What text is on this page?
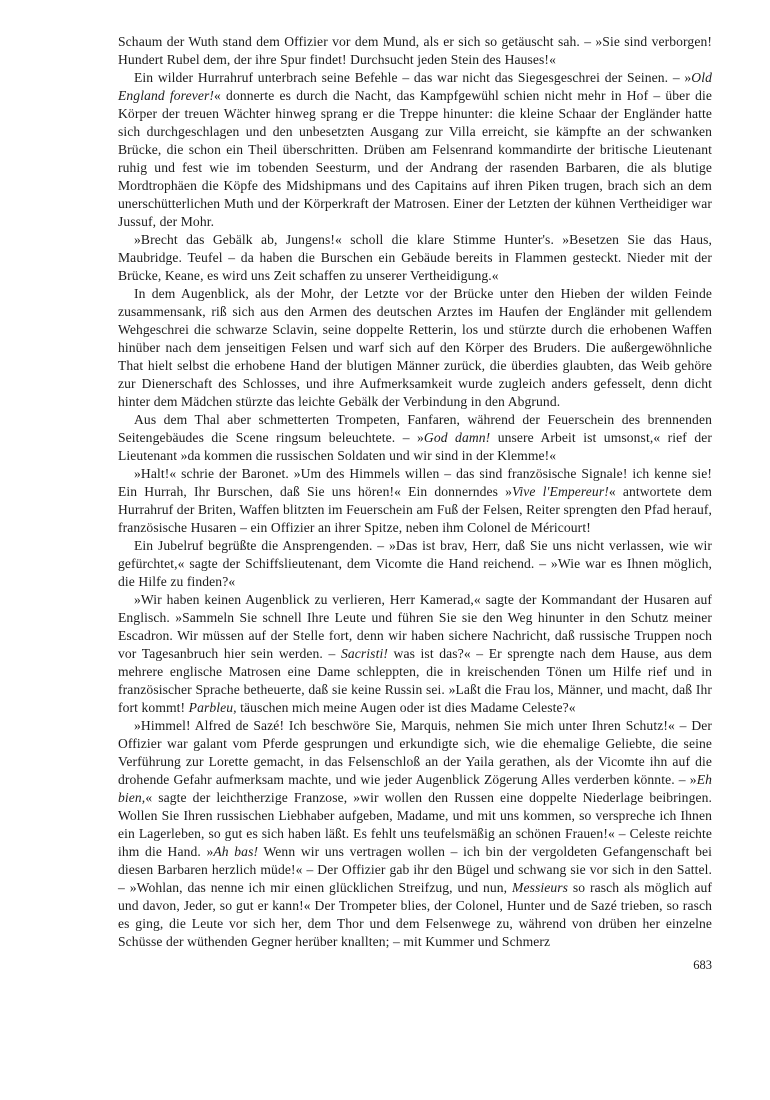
Schaum der Wuth stand dem Offizier vor dem Mund, als er sich so getäuscht sah. – »Sie sind verborgen! Hundert Rubel dem, der ihre Spur findet! Durchsucht jeden Stein des Hauses!«

Ein wilder Hurrahruf unterbrach seine Befehle – das war nicht das Siegesgeschrei der Seinen. – »Old England forever!« donnerte es durch die Nacht, das Kampfgewühl schien nicht mehr in Hof – über die Körper der treuen Wächter hinweg sprang er die Treppe hinunter: die kleine Schaar der Engländer hatte sich durchgeschlagen und den unbesetzten Ausgang zur Villa erreicht, sie kämpfte an der schwanken Brücke, die schon ein Theil überschritten. Drüben am Felsenrand kommandirte der britische Lieutenant ruhig und fest wie im tobenden Seesturm, und der Andrang der rasenden Barbaren, die als blutige Mordtrophäen die Köpfe des Midshipmans und des Capitains auf ihren Piken trugen, brach sich an dem unerschütterlichen Muth und der Körperkraft der Matrosen. Einer der Letzten der kühnen Vertheidiger war Jussuf, der Mohr.

»Brecht das Gebälk ab, Jungens!« scholl die klare Stimme Hunter's. »Besetzen Sie das Haus, Maubridge. Teufel – da haben die Burschen ein Gebäude bereits in Flammen gesteckt. Nieder mit der Brücke, Keane, es wird uns Zeit schaffen zu unserer Vertheidigung.«

In dem Augenblick, als der Mohr, der Letzte vor der Brücke unter den Hieben der wilden Feinde zusammensank, riß sich aus den Armen des deutschen Arztes im Haufen der Engländer mit gellendem Wehgeschrei die schwarze Sclavin, seine doppelte Retterin, los und stürzte durch die erhobenen Waffen hinüber nach dem jenseitigen Felsen und warf sich auf den Körper des Bruders. Die außergewöhnliche That hielt selbst die erhobene Hand der blutigen Männer zurück, die überdies glaubten, das Weib gehöre zur Dienerschaft des Schlosses, und ihre Aufmerksamkeit wurde zugleich anders gefesselt, denn dicht hinter dem Mädchen stürzte das leichte Gebälk der Verbindung in den Abgrund.

Aus dem Thal aber schmetterten Trompeten, Fanfaren, während der Feuerschein des brennenden Seitengebäudes die Scene ringsum beleuchtete. – »God damn! unsere Arbeit ist umsonst,« rief der Lieutenant »da kommen die russischen Soldaten und wir sind in der Klemme!«

»Halt!« schrie der Baronet. »Um des Himmels willen – das sind französische Signale! ich kenne sie! Ein Hurrah, Ihr Burschen, daß Sie uns hören!« Ein donnerndes »Vive l'Empereur!« antwortete dem Hurrahruf der Briten, Waffen blitzten im Feuerschein am Fuß der Felsen, Reiter sprengten den Pfad herauf, französische Husaren – ein Offizier an ihrer Spitze, neben ihm Colonel de Méricourt!

Ein Jubelruf begrüßte die Ansprengenden. – »Das ist brav, Herr, daß Sie uns nicht verlassen, wie wir gefürchtet,« sagte der Schiffslieutenant, dem Vicomte die Hand reichend. – »Wie war es Ihnen möglich, die Hilfe zu finden?«

»Wir haben keinen Augenblick zu verlieren, Herr Kamerad,« sagte der Kommandant der Husaren auf Englisch. »Sammeln Sie schnell Ihre Leute und führen Sie sie den Weg hinunter in den Schutz meiner Escadron. Wir müssen auf der Stelle fort, denn wir haben sichere Nachricht, daß russische Truppen noch vor Tagesanbruch hier sein werden. – Sacristi! was ist das?« – Er sprengte nach dem Hause, aus dem mehrere englische Matrosen eine Dame schleppten, die in kreischenden Tönen um Hilfe rief und in französischer Sprache betheuerte, daß sie keine Russin sei. »Laßt die Frau los, Männer, und macht, daß Ihr fort kommt! Parbleu, täuschen mich meine Augen oder ist dies Madame Celeste?«

»Himmel! Alfred de Sazé! Ich beschwöre Sie, Marquis, nehmen Sie mich unter Ihren Schutz!« – Der Offizier war galant vom Pferde gesprungen und erkundigte sich, wie die ehemalige Geliebte, die seine Verführung zur Lorette gemacht, in das Felsenschloß an der Yaila gerathen, als der Vicomte ihn auf die drohende Gefahr aufmerksam machte, und wie jeder Augenblick Zögerung Alles verderben könnte. – »Eh bien,« sagte der leichtherzige Franzose, »wir wollen den Russen eine doppelte Niederlage beibringen. Wollen Sie Ihren russischen Liebhaber aufgeben, Madame, und mit uns kommen, so verspreche ich Ihnen ein Lagerleben, so gut es sich haben läßt. Es fehlt uns teufelsmäßig an schönen Frauen!« – Celeste reichte ihm die Hand. »Ah bas! Wenn wir uns vertragen wollen – ich bin der vergoldeten Gefangenschaft bei diesen Barbaren herzlich müde!« – Der Offizier gab ihr den Bügel und schwang sie vor sich in den Sattel. – »Wohlan, das nenne ich mir einen glücklichen Streifzug, und nun, Messieurs so rasch als möglich auf und davon, Jeder, so gut er kann!« Der Trompeter blies, der Colonel, Hunter und de Sazé trieben, so rasch es ging, die Leute vor sich her, dem Thor und dem Felsenwege zu, während von drüben her einzelne Schüsse der wüthenden Gegner herüber knallten; – mit Kummer und Schmerz

683
